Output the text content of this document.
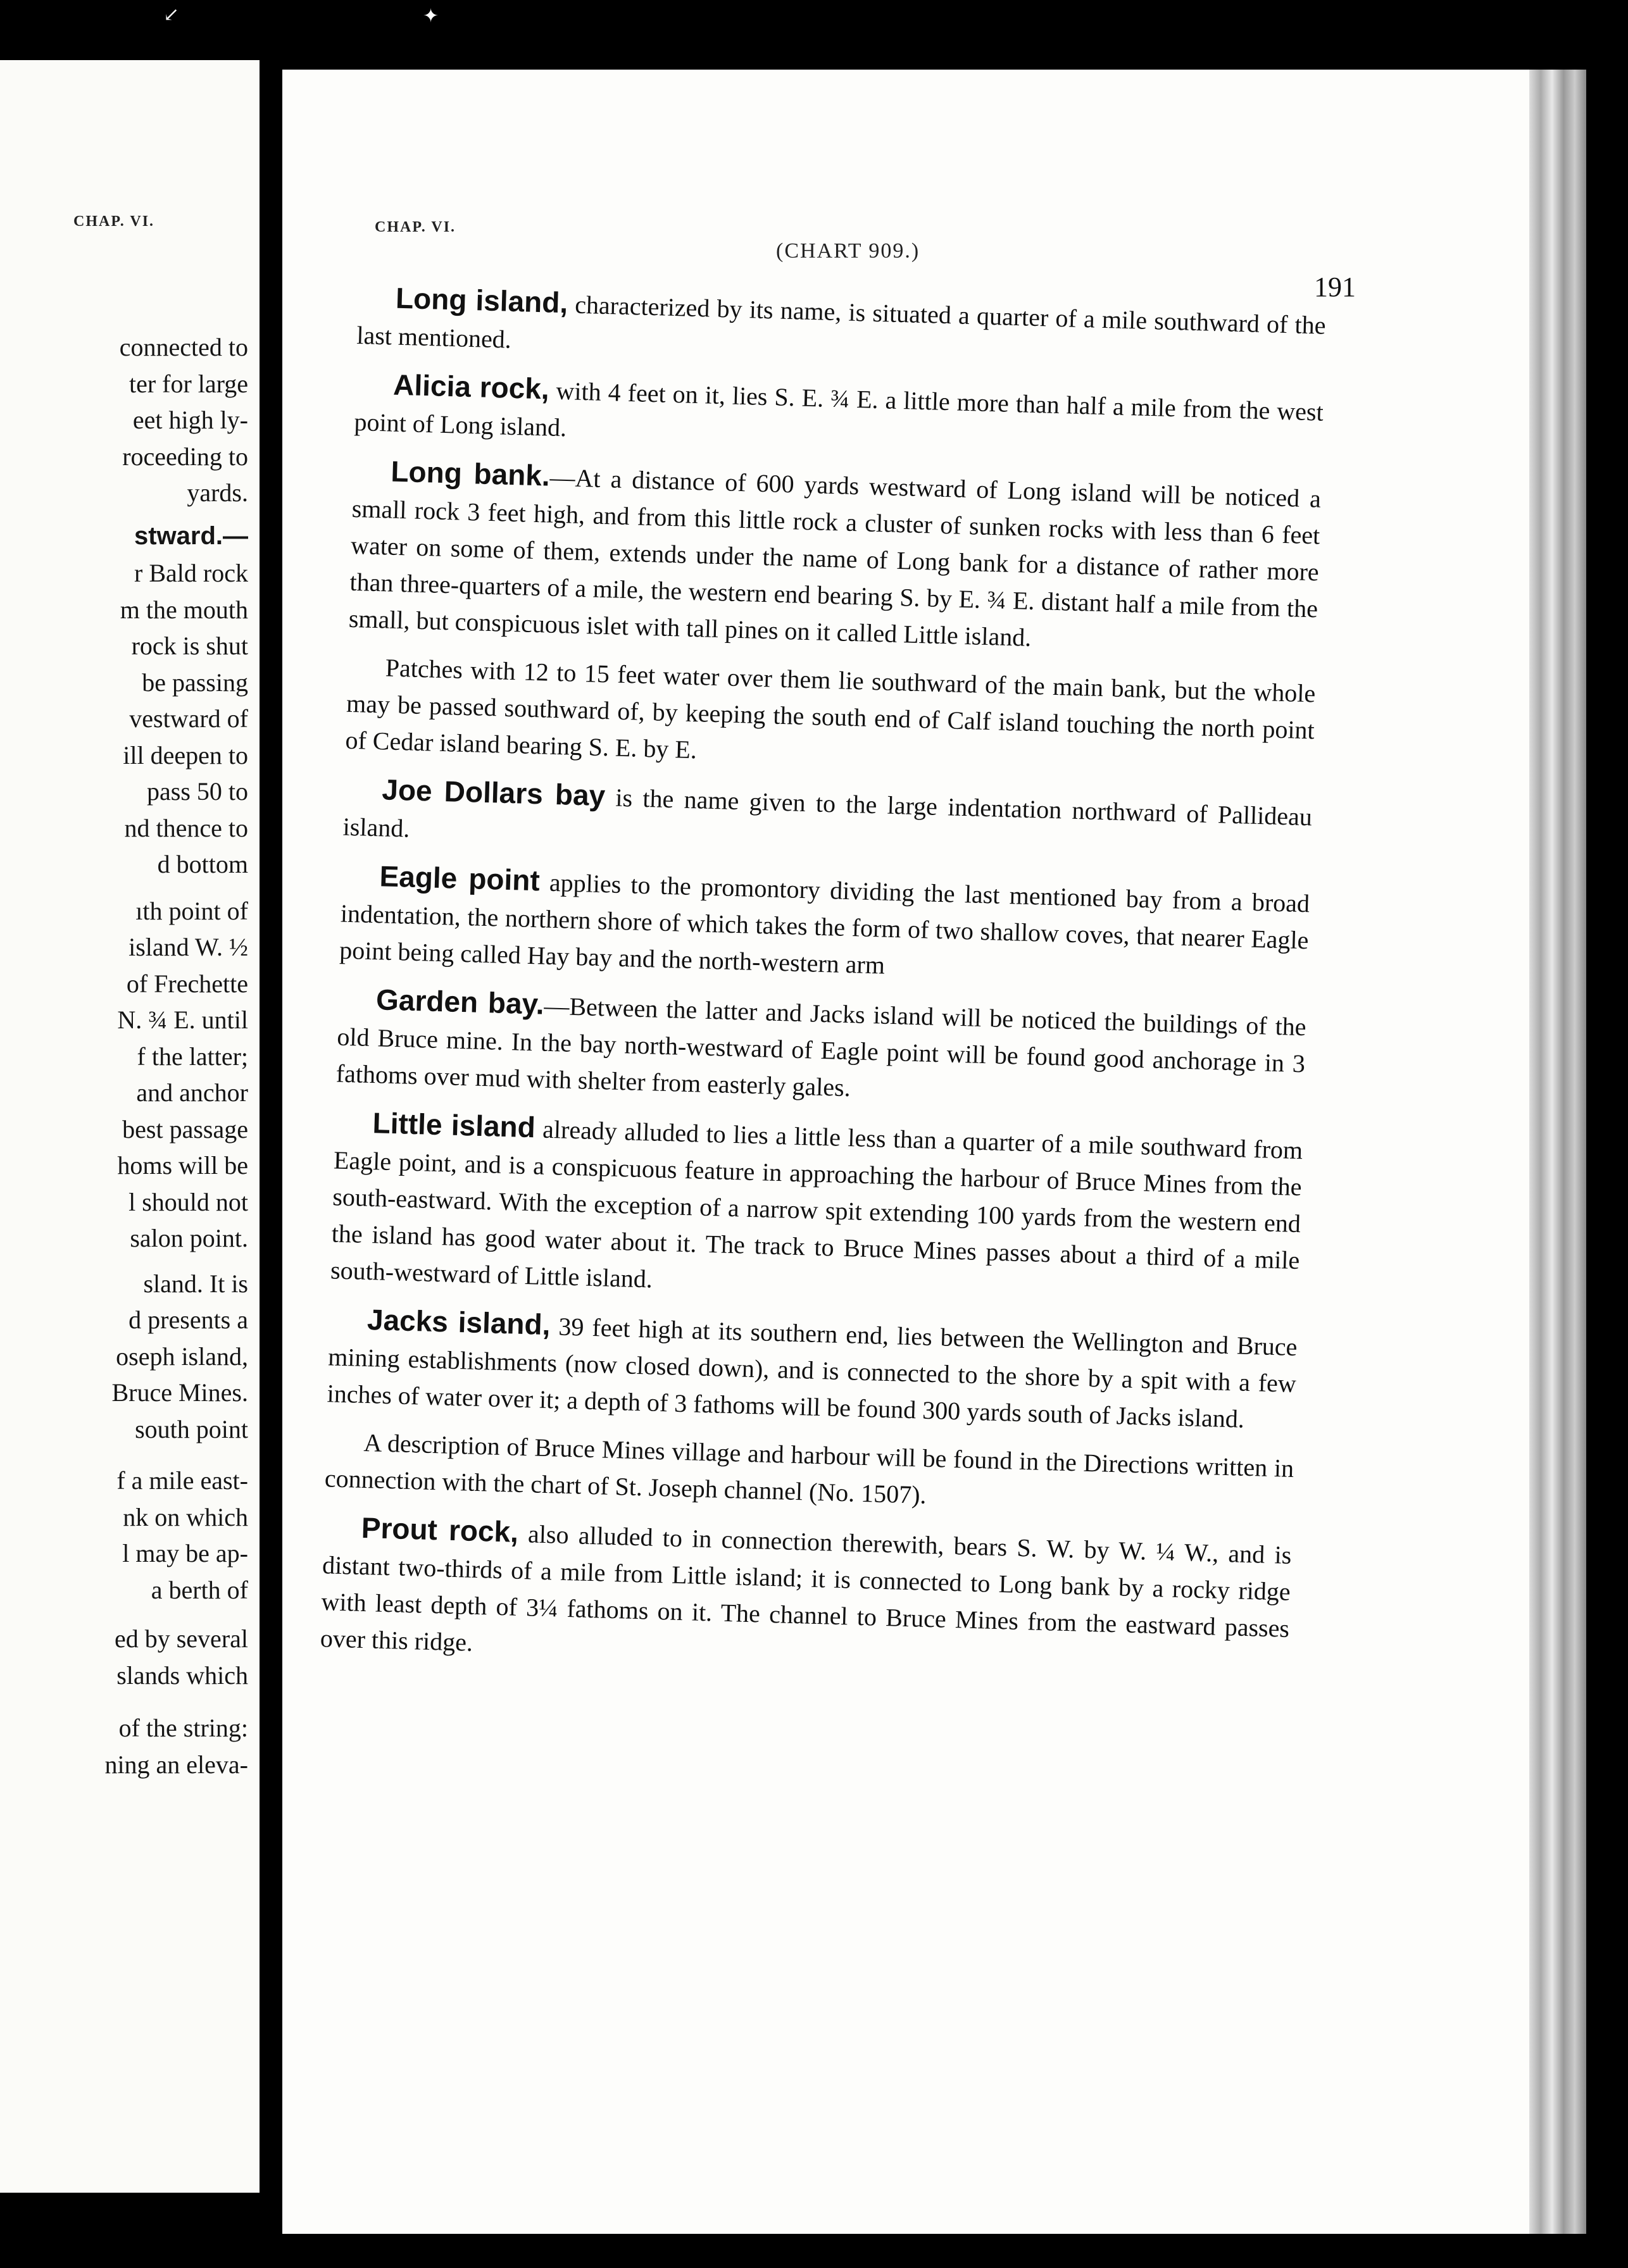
↙	✦
CHAP. VI.
connected to
ter for large
eet high ly-
roceeding to
yards.
stward.—
r Bald rock
m the mouth
rock is shut
be passing
vestward of
ill deepen to
pass 50 to
nd thence to
d bottom
ıth point of
island W. ½
of Frechette
N. ¾ E. until
f the latter;
and anchor
best passage
homs will be
l should not
salon point.
sland. It is
d presents a
oseph island,
Bruce Mines.
south point
f a mile east-
nk on which
l may be ap-
a berth of
ed by several
slands which
of the string:
ning an eleva-
CHAP. VI.
(CHART 909.)
191

Long island, characterized by its name, is situated a quarter of a mile southward of the last mentioned.

Alicia rock, with 4 feet on it, lies S. E. ¾ E. a little more than half a mile from the west point of Long island.

Long bank.—At a distance of 600 yards westward of Long island will be noticed a small rock 3 feet high, and from this little rock a cluster of sunken rocks with less than 6 feet water on some of them, extends under the name of Long bank for a distance of rather more than three-quarters of a mile, the western end bearing S. by E. ¾ E. distant half a mile from the small, but conspicuous islet with tall pines on it called Little island.

Patches with 12 to 15 feet water over them lie southward of the main bank, but the whole may be passed southward of, by keeping the south end of Calf island touching the north point of Cedar island bearing S. E. by E.

Joe Dollars bay is the name given to the large indentation northward of Pallideau island.

Eagle point applies to the promontory dividing the last mentioned bay from a broad indentation, the northern shore of which takes the form of two shallow coves, that nearer Eagle point being called Hay bay and the north-western arm

Garden bay.—Between the latter and Jacks island will be noticed the buildings of the old Bruce mine. In the bay north-westward of Eagle point will be found good anchorage in 3 fathoms over mud with shelter from easterly gales.

Little island already alluded to lies a little less than a quarter of a mile southward from Eagle point, and is a conspicuous feature in approaching the harbour of Bruce Mines from the south-eastward. With the exception of a narrow spit extending 100 yards from the western end the island has good water about it. The track to Bruce Mines passes about a third of a mile south-westward of Little island.

Jacks island, 39 feet high at its southern end, lies between the Wellington and Bruce mining establishments (now closed down), and is connected to the shore by a spit with a few inches of water over it; a depth of 3 fathoms will be found 300 yards south of Jacks island.

A description of Bruce Mines village and harbour will be found in the Directions written in connection with the chart of St. Joseph channel (No. 1507).

Prout rock, also alluded to in connection therewith, bears S. W. by W. ¼ W., and is distant two-thirds of a mile from Little island; it is connected to Long bank by a rocky ridge with least depth of 3¼ fathoms on it. The channel to Bruce Mines from the eastward passes over this ridge.
